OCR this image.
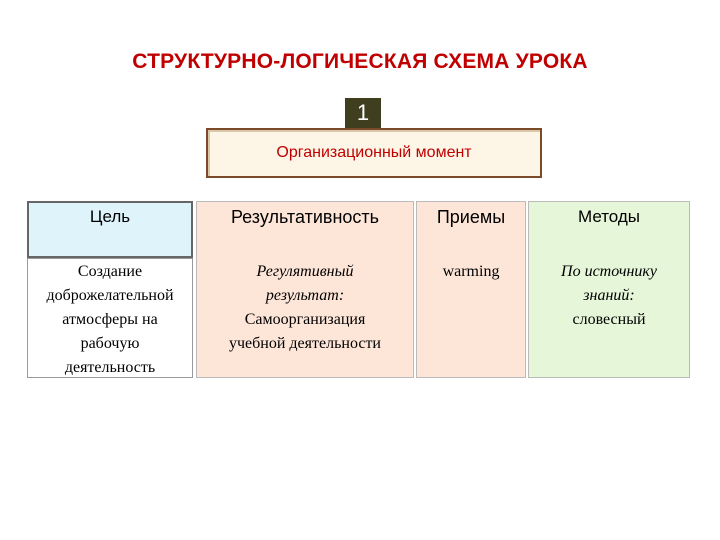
СТРУКТУРНО-ЛОГИЧЕСКАЯ СХЕМА УРОКА
1
Организационный момент
Цель
Создание
доброжелательной
атмосферы на
рабочую
деятельность
Результативность
Регулятивный
результат:
Самоорганизация
учебной деятельности
Приемы
warming
Методы
По источнику
знаний:
словесный
